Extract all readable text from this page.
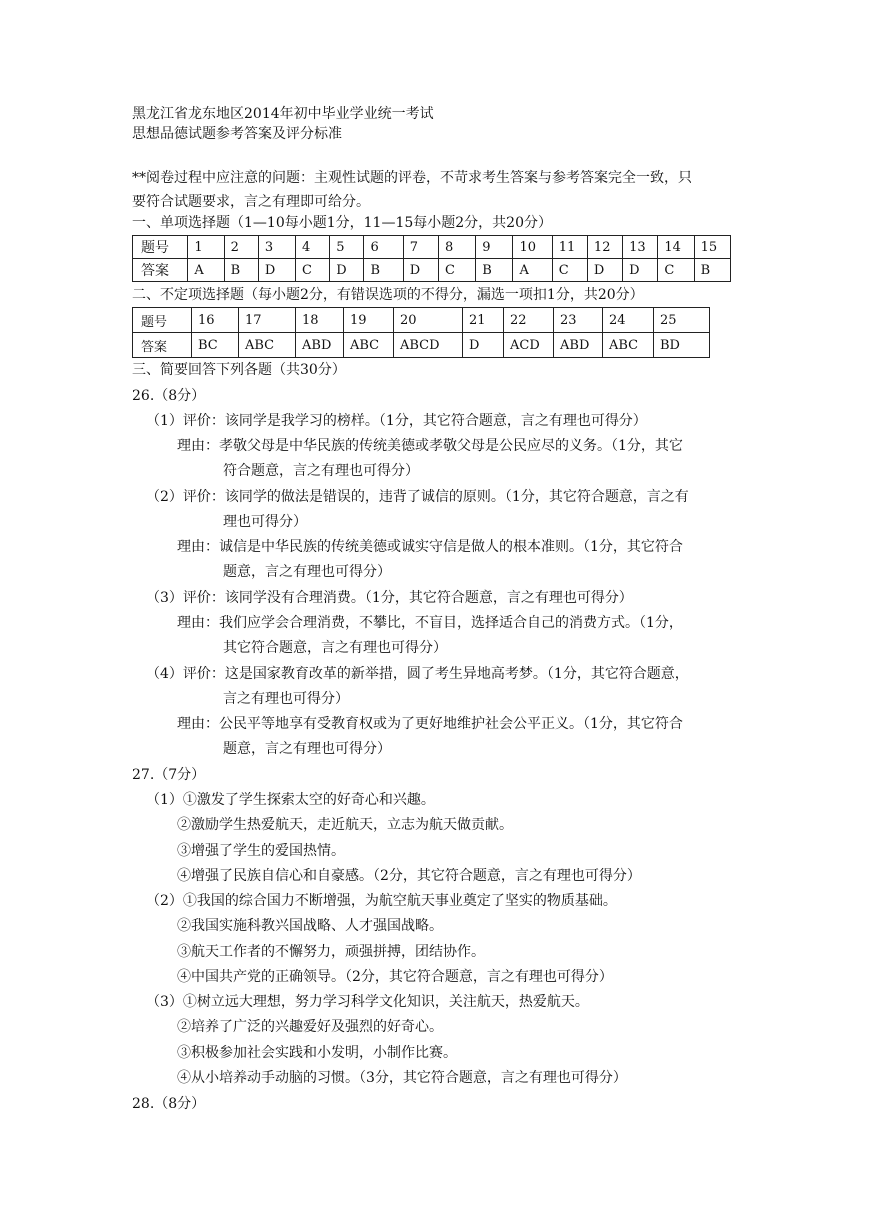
黑龙江省龙东地区2014年初中毕业学业统一考试
思想品德试题参考答案及评分标准
**阅卷过程中应注意的问题：主观性试题的评卷，不苛求考生答案与参考答案完全一致，只
要符合试题要求，言之有理即可给分。
一、单项选择题（1—10每小题1分，11—15每小题2分，共20分）
题号	1	2	3	4	5	6	7	8	9	10	11	12	13	14	15
答案	A	B	D	C	D	B	D	C	B	A	C	D	D	C	B
二、不定项选择题（每小题2分，有错误选项的不得分，漏选一项扣1分，共20分）
题号	16	17	18	19	20	21	22	23	24	25
答案	BC	ABC	ABD	ABC	ABCD	D	ACD	ABD	ABC	BD
三、简要回答下列各题（共30分）
26.（8分）
（1）评价：该同学是我学习的榜样。（1分，其它符合题意，言之有理也可得分）
理由：孝敬父母是中华民族的传统美德或孝敬父母是公民应尽的义务。（1分，其它
符合题意，言之有理也可得分）
（2）评价：该同学的做法是错误的，违背了诚信的原则。（1分，其它符合题意，言之有
理也可得分）
理由：诚信是中华民族的传统美德或诚实守信是做人的根本准则。（1分，其它符合
题意，言之有理也可得分）
（3）评价：该同学没有合理消费。（1分，其它符合题意，言之有理也可得分）
理由：我们应学会合理消费，不攀比，不盲目，选择适合自己的消费方式。（1分，
其它符合题意，言之有理也可得分）
（4）评价：这是国家教育改革的新举措，圆了考生异地高考梦。（1分，其它符合题意，
言之有理也可得分）
理由：公民平等地享有受教育权或为了更好地维护社会公平正义。（1分，其它符合
题意，言之有理也可得分）
27.（7分）
（1）①激发了学生探索太空的好奇心和兴趣。
②激励学生热爱航天，走近航天，立志为航天做贡献。
③增强了学生的爱国热情。
④增强了民族自信心和自豪感。（2分，其它符合题意，言之有理也可得分）
（2）①我国的综合国力不断增强，为航空航天事业奠定了坚实的物质基础。
②我国实施科教兴国战略、人才强国战略。
③航天工作者的不懈努力，顽强拼搏，团结协作。
④中国共产党的正确领导。（2分，其它符合题意，言之有理也可得分）
（3）①树立远大理想，努力学习科学文化知识，关注航天，热爱航天。
②培养了广泛的兴趣爱好及强烈的好奇心。
③积极参加社会实践和小发明，小制作比赛。
④从小培养动手动脑的习惯。（3分，其它符合题意，言之有理也可得分）
28.（8分）
